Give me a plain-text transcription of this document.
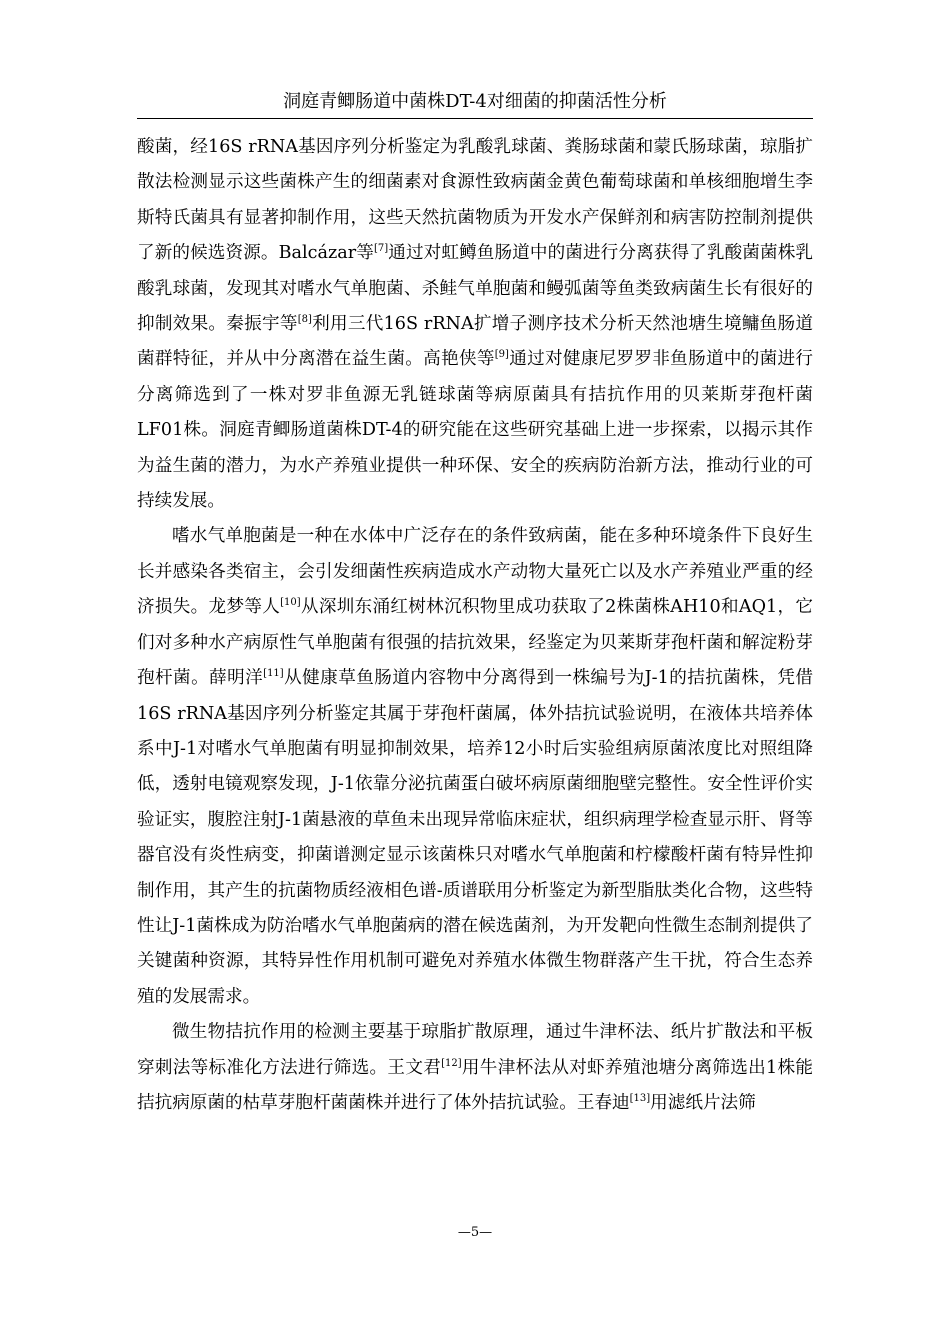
洞庭青鲫肠道中菌株DT-4对细菌的抑菌活性分析

酸菌，经16S rRNA基因序列分析鉴定为乳酸乳球菌、粪肠球菌和蒙氏肠球菌，琼脂扩散法检测显示这些菌株产生的细菌素对食源性致病菌金黄色葡萄球菌和单核细胞增生李斯特氏菌具有显著抑制作用，这些天然抗菌物质为开发水产保鲜剂和病害防控制剂提供了新的候选资源。Balcázar等[7]通过对虹鳟鱼肠道中的菌进行分离获得了乳酸菌菌株乳酸乳球菌，发现其对嗜水气单胞菌、杀鲑气单胞菌和鳗弧菌等鱼类致病菌生长有很好的抑制效果。秦振宇等[8]利用三代16S rRNA扩增子测序技术分析天然池塘生境鳙鱼肠道菌群特征，并从中分离潜在益生菌。高艳侠等[9]通过对健康尼罗罗非鱼肠道中的菌进行分离筛选到了一株对罗非鱼源无乳链球菌等病原菌具有拮抗作用的贝莱斯芽孢杆菌LF01株。洞庭青鲫肠道菌株DT-4的研究能在这些研究基础上进一步探索，以揭示其作为益生菌的潜力，为水产养殖业提供一种环保、安全的疾病防治新方法，推动行业的可持续发展。

嗜水气单胞菌是一种在水体中广泛存在的条件致病菌，能在多种环境条件下良好生长并感染各类宿主，会引发细菌性疾病造成水产动物大量死亡以及水产养殖业严重的经济损失。龙梦等人[10]从深圳东涌红树林沉积物里成功获取了2株菌株AH10和AQ1，它们对多种水产病原性气单胞菌有很强的拮抗效果，经鉴定为贝莱斯芽孢杆菌和解淀粉芽孢杆菌。薛明洋[11]从健康草鱼肠道内容物中分离得到一株编号为J-1的拮抗菌株，凭借16S rRNA基因序列分析鉴定其属于芽孢杆菌属，体外拮抗试验说明，在液体共培养体系中J-1对嗜水气单胞菌有明显抑制效果，培养12小时后实验组病原菌浓度比对照组降低，透射电镜观察发现，J-1依靠分泌抗菌蛋白破坏病原菌细胞壁完整性。安全性评价实验证实，腹腔注射J-1菌悬液的草鱼未出现异常临床症状，组织病理学检查显示肝、肾等器官没有炎性病变，抑菌谱测定显示该菌株只对嗜水气单胞菌和柠檬酸杆菌有特异性抑制作用，其产生的抗菌物质经液相色谱-质谱联用分析鉴定为新型脂肽类化合物，这些特性让J-1菌株成为防治嗜水气单胞菌病的潜在候选菌剂，为开发靶向性微生态制剂提供了关键菌种资源，其特异性作用机制可避免对养殖水体微生物群落产生干扰，符合生态养殖的发展需求。

微生物拮抗作用的检测主要基于琼脂扩散原理，通过牛津杯法、纸片扩散法和平板穿刺法等标准化方法进行筛选。王文君[12]用牛津杯法从对虾养殖池塘分离筛选出1株能拮抗病原菌的枯草芽胞杆菌菌株并进行了体外拮抗试验。王春迪[13]用滤纸片法筛

—5—
